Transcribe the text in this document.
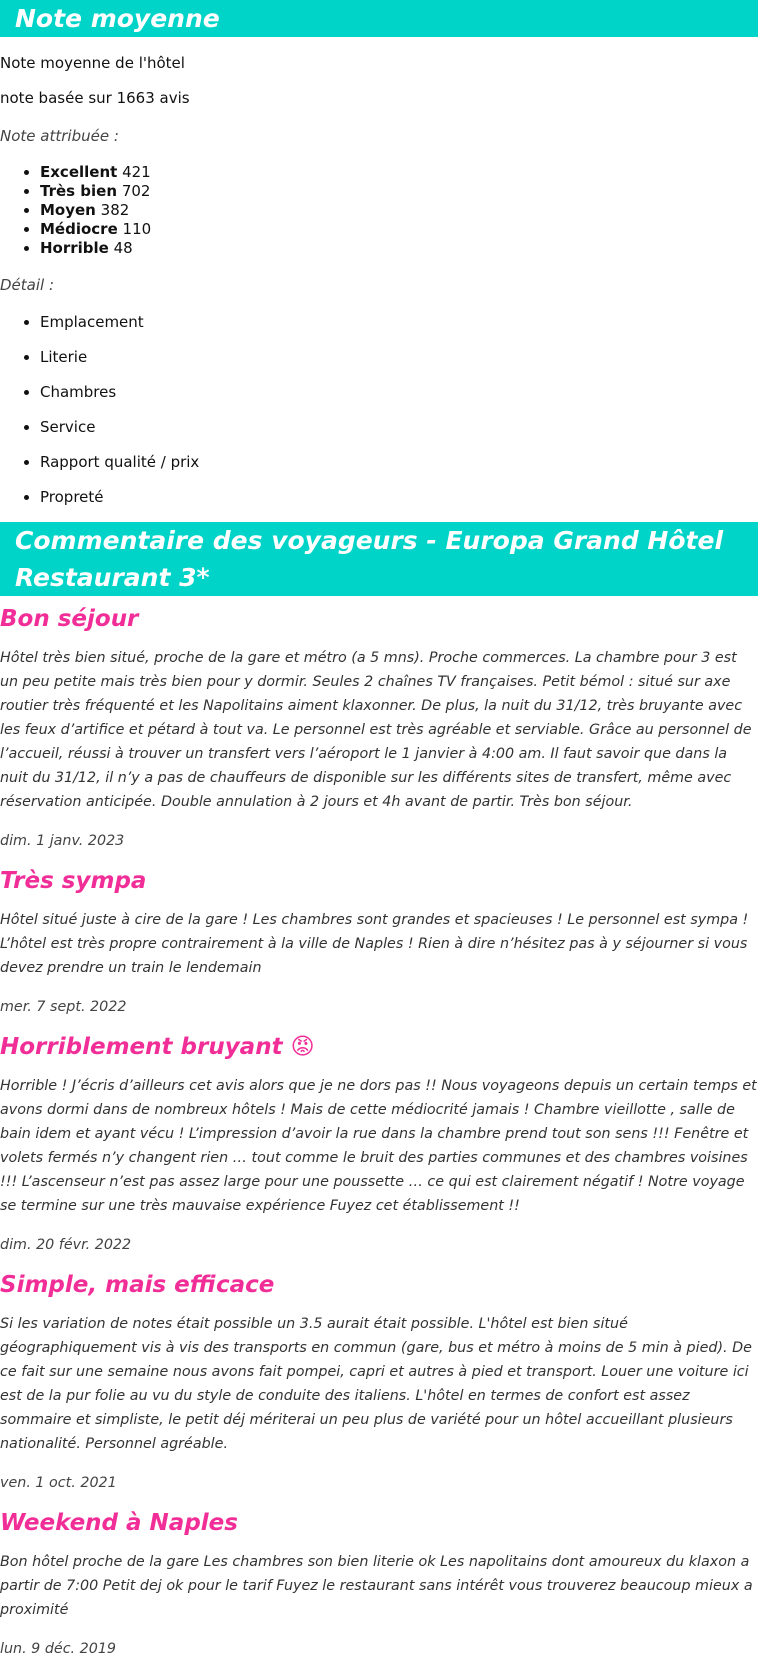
Note moyenne

Note moyenne de l'hôtel

note basée sur 1663 avis

Note attribuée :

• Excellent 421
• Très bien 702
• Moyen 382
• Médiocre 110
• Horrible 48

Détail :

• Emplacement
• Literie
• Chambres
• Service
• Rapport qualité / prix
• Propreté
Commentaire des voyageurs - Europa Grand Hôtel Restaurant 3*
Bon séjour

Hôtel très bien situé, proche de la gare et métro (a 5 mns). Proche commerces. La chambre pour 3 est un peu petite mais très bien pour y dormir. Seules 2 chaînes TV françaises. Petit bémol : situé sur axe routier très fréquenté et les Napolitains aiment klaxonner. De plus, la nuit du 31/12, très bruyante avec les feux d’artifice et pétard à tout va. Le personnel est très agréable et serviable. Grâce au personnel de l’accueil, réussi à trouver un transfert vers l’aéroport le 1 janvier à 4:00 am. Il faut savoir que dans la nuit du 31/12, il n’y a pas de chauffeurs de disponible sur les différents sites de transfert, même avec réservation anticipée. Double annulation à 2 jours et 4h avant de partir. Très bon séjour.

dim. 1 janv. 2023

Très sympa

Hôtel situé juste à cire de la gare ! Les chambres sont grandes et spacieuses ! Le personnel est sympa ! L’hôtel est très propre contrairement à la ville de Naples ! Rien à dire n’hésitez pas à y séjourner si vous devez prendre un train le lendemain

mer. 7 sept. 2022

Horriblement bruyant 😡

Horrible ! J’écris d’ailleurs cet avis alors que je ne dors pas !! Nous voyageons depuis un certain temps et avons dormi dans de nombreux hôtels ! Mais de cette médiocrité jamais ! Chambre vieillotte , salle de bain idem et ayant vécu ! L’impression d’avoir la rue dans la chambre prend tout son sens !!! Fenêtre et volets fermés n’y changent rien … tout comme le bruit des parties communes et des chambres voisines !!! L’ascenseur n’est pas assez large pour une poussette … ce qui est clairement négatif ! Notre voyage se termine sur une très mauvaise expérience Fuyez cet établissement !!

dim. 20 févr. 2022

Simple, mais efficace

Si les variation de notes était possible un 3.5 aurait était possible. L'hôtel est bien situé géographiquement vis à vis des transports en commun (gare, bus et métro à moins de 5 min à pied). De ce fait sur une semaine nous avons fait pompei, capri et autres à pied et transport. Louer une voiture ici est de la pur folie au vu du style de conduite des italiens. L'hôtel en termes de confort est assez sommaire et simpliste, le petit déj mériterai un peu plus de variété pour un hôtel accueillant plusieurs nationalité. Personnel agréable.

ven. 1 oct. 2021

Weekend à Naples

Bon hôtel proche de la gare Les chambres son bien literie ok Les napolitains dont amoureux du klaxon a partir de 7:00 Petit dej ok pour le tarif Fuyez le restaurant sans intérêt vous trouverez beaucoup mieux a proximité

lun. 9 déc. 2019
